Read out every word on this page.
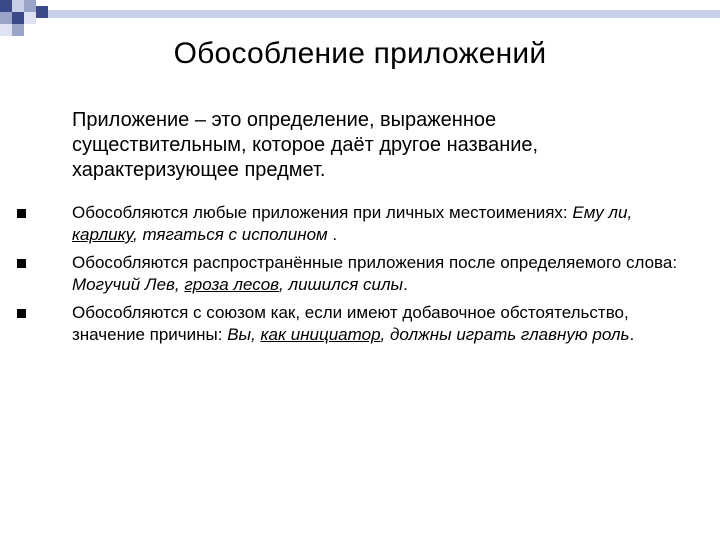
Обособление приложений
Приложение – это определение, выраженное существительным, которое даёт другое название, характеризующее предмет.
Обособляются любые приложения при личных местоимениях: Ему ли, карлику, тягаться с исполином .
Обособляются распространённые приложения после определяемого слова: Могучий Лев, гроза лесов, лишился силы.
Обособляются с союзом как, если имеют добавочное обстоятельство, значение причины: Вы, как инициатор, должны играть главную роль.
